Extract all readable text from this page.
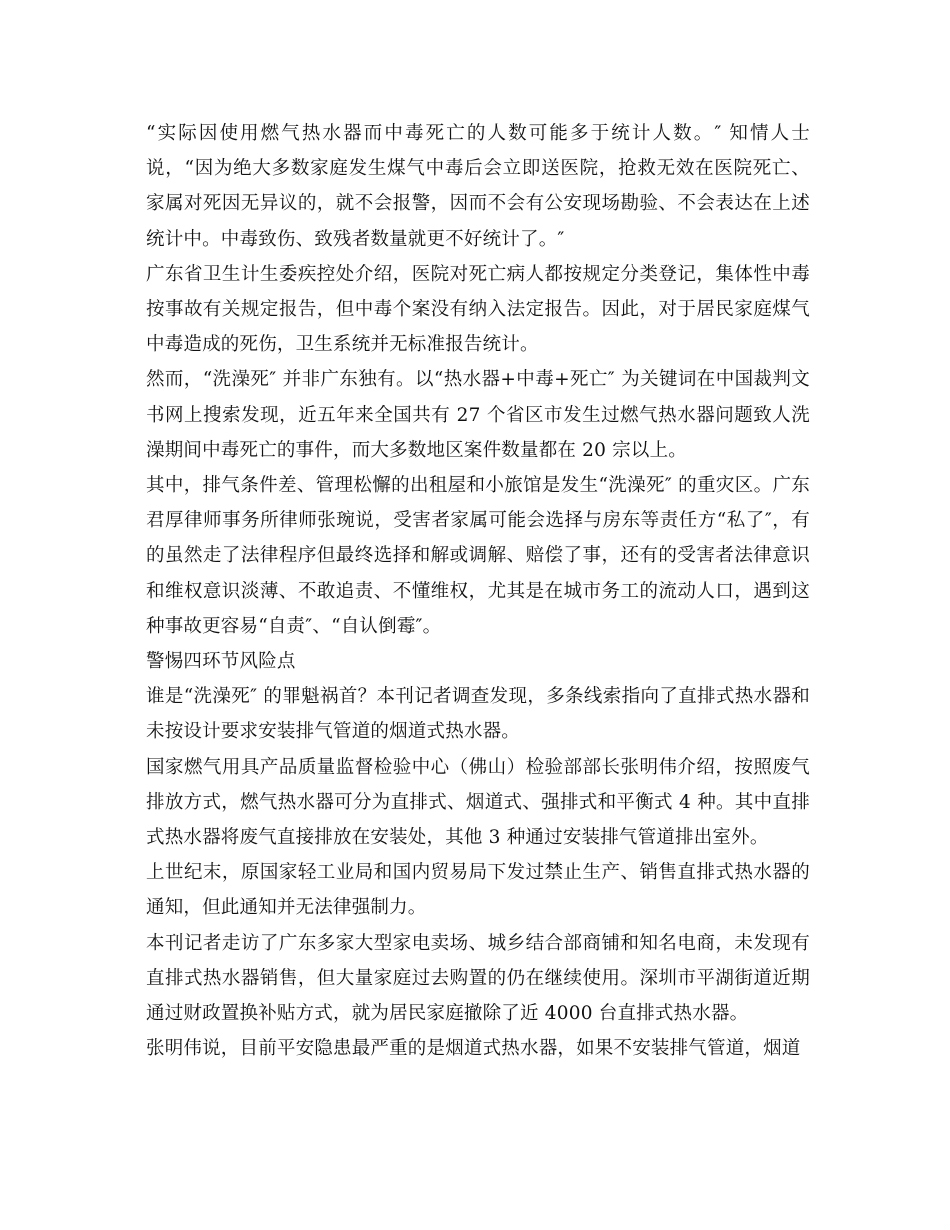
“实际因使用燃气热水器而中毒死亡的人数可能多于统计人数。″ 知情人士说，“因为绝大多数家庭发生煤气中毒后会立即送医院，抢救无效在医院死亡、家属对死因无异议的，就不会报警，因而不会有公安现场勘验、不会表达在上述统计中。中毒致伤、致残者数量就更不好统计了。″

广东省卫生计生委疾控处介绍，医院对死亡病人都按规定分类登记，集体性中毒按事故有关规定报告，但中毒个案没有纳入法定报告。因此，对于居民家庭煤气中毒造成的死伤，卫生系统并无标准报告统计。

然而，“洗澡死″ 并非广东独有。以“热水器+中毒+死亡″ 为关键词在中国裁判文书网上搜索发现，近五年来全国共有 27 个省区市发生过燃气热水器问题致人洗澡期间中毒死亡的事件，而大多数地区案件数量都在 20 宗以上。

其中，排气条件差、管理松懈的出租屋和小旅馆是发生“洗澡死″ 的重灾区。广东君厚律师事务所律师张琬说，受害者家属可能会选择与房东等责任方“私了″，有的虽然走了法律程序但最终选择和解或调解、赔偿了事，还有的受害者法律意识和维权意识淡薄、不敢追责、不懂维权，尤其是在城市务工的流动人口，遇到这种事故更容易“自责″、“自认倒霉″。

警惕四环节风险点

谁是“洗澡死″ 的罪魁祸首？本刊记者调查发现，多条线索指向了直排式热水器和未按设计要求安装排气管道的烟道式热水器。

国家燃气用具产品质量监督检验中心（佛山）检验部部长张明伟介绍，按照废气排放方式，燃气热水器可分为直排式、烟道式、强排式和平衡式 4 种。其中直排式热水器将废气直接排放在安装处，其他 3 种通过安装排气管道排出室外。

上世纪末，原国家轻工业局和国内贸易局下发过禁止生产、销售直排式热水器的通知，但此通知并无法律强制力。

本刊记者走访了广东多家大型家电卖场、城乡结合部商铺和知名电商，未发现有直排式热水器销售，但大量家庭过去购置的仍在继续使用。深圳市平湖街道近期通过财政置换补贴方式，就为居民家庭撤除了近 4000 台直排式热水器。

张明伟说，目前平安隐患最严重的是烟道式热水器，如果不安装排气管道，烟道
